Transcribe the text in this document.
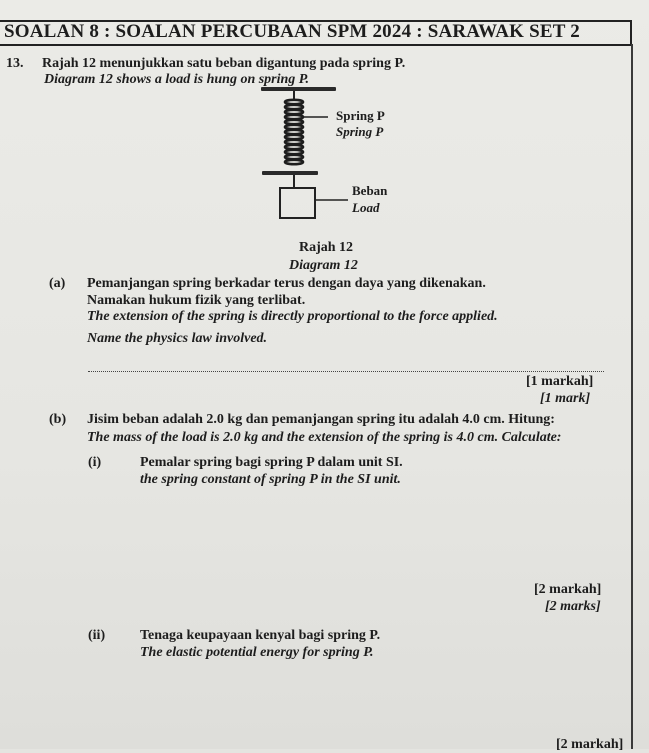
SOALAN 8 : SOALAN PERCUBAAN SPM 2024 : SARAWAK SET 2
13. Rajah 12 menunjukkan satu beban digantung pada spring P.
Diagram 12 shows a load is hung on spring P.
Spring P
Spring P
Beban
Load
Rajah 12
Diagram 12
(a) Pemanjangan spring berkadar terus dengan daya yang dikenakan.
Namakan hukum fizik yang terlibat.
The extension of the spring is directly proportional to the force applied.
Name the physics law involved.
[1 markah]
[1 mark]
(b) Jisim beban adalah 2.0 kg dan pemanjangan spring itu adalah 4.0 cm. Hitung:
The mass of the load is 2.0 kg and the extension of the spring is 4.0 cm. Calculate:
(i)	Pemalar spring bagi spring P dalam unit SI.
the spring constant of spring P in the SI unit.
[2 markah]
[2 marks]
(ii) Tenaga keupayaan kenyal bagi spring P.
The elastic potential energy for spring P.
[2 markah]
